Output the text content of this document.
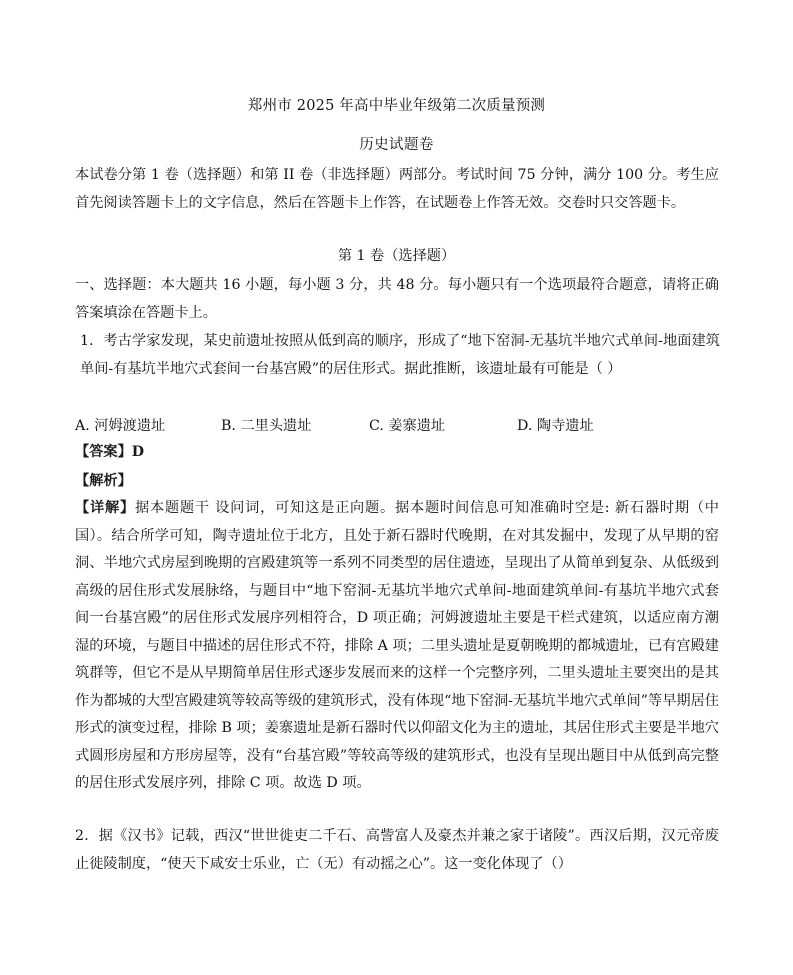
郑州市 2025 年高中毕业年级第二次质量预测
历史试题卷
本试卷分第 1 卷（选择题）和第 II 卷（非选择题）两部分。考试时间 75 分钟，满分 100 分。考生应首先阅读答题卡上的文字信息，然后在答题卡上作答，在试题卷上作答无效。交卷时只交答题卡。
第 1 卷（选择题）
一、选择题：本大题共 16 小题，每小题 3 分，共 48 分。每小题只有一个选项最符合题意，请将正确答案填涂在答题卡上。
1．考古学家发现，某史前遗址按照从低到高的顺序，形成了“地下窑洞-无基坑半地穴式单间-地面建筑单间-有基坑半地穴式套间一台基宫殿”的居住形式。据此推断，该遗址最有可能是（ ）
A. 河姆渡遗址	B. 二里头遗址	C. 姜寨遗址	D. 陶寺遗址
【答案】D
【解析】
【详解】据本题题干 设问词，可知这是正向题。据本题时间信息可知准确时空是: 新石器时期（中国）。结合所学可知，陶寺遗址位于北方，且处于新石器时代晚期，在对其发掘中，发现了从早期的窑洞、半地穴式房屋到晚期的宫殿建筑等一系列不同类型的居住遗迹，呈现出了从简单到复杂、从低级到高级的居住形式发展脉络，与题目中“地下窑洞-无基坑半地穴式单间-地面建筑单间-有基坑半地穴式套间一台基宫殿”的居住形式发展序列相符合，D 项正确；河姆渡遗址主要是干栏式建筑，以适应南方潮湿的环境，与题目中描述的居住形式不符，排除 A 项；二里头遗址是夏朝晚期的都城遗址，已有宫殿建筑群等，但它不是从早期简单居住形式逐步发展而来的这样一个完整序列，二里头遗址主要突出的是其作为都城的大型宫殿建筑等较高等级的建筑形式，没有体现“地下窑洞-无基坑半地穴式单间”等早期居住形式的演变过程，排除 B 项；姜寨遗址是新石器时代以仰韶文化为主的遗址，其居住形式主要是半地穴式圆形房屋和方形房屋等，没有“台基宫殿”等较高等级的建筑形式，也没有呈现出题目中从低到高完整的居住形式发展序列，排除 C 项。故选 D 项。
2．据《汉书》记载，西汉“世世徙吏二千石、高訾富人及豪杰并兼之家于诸陵”。西汉后期，汉元帝废止徙陵制度，“使天下咸安士乐业，亡（无）有动摇之心”。这一变化体现了（）
